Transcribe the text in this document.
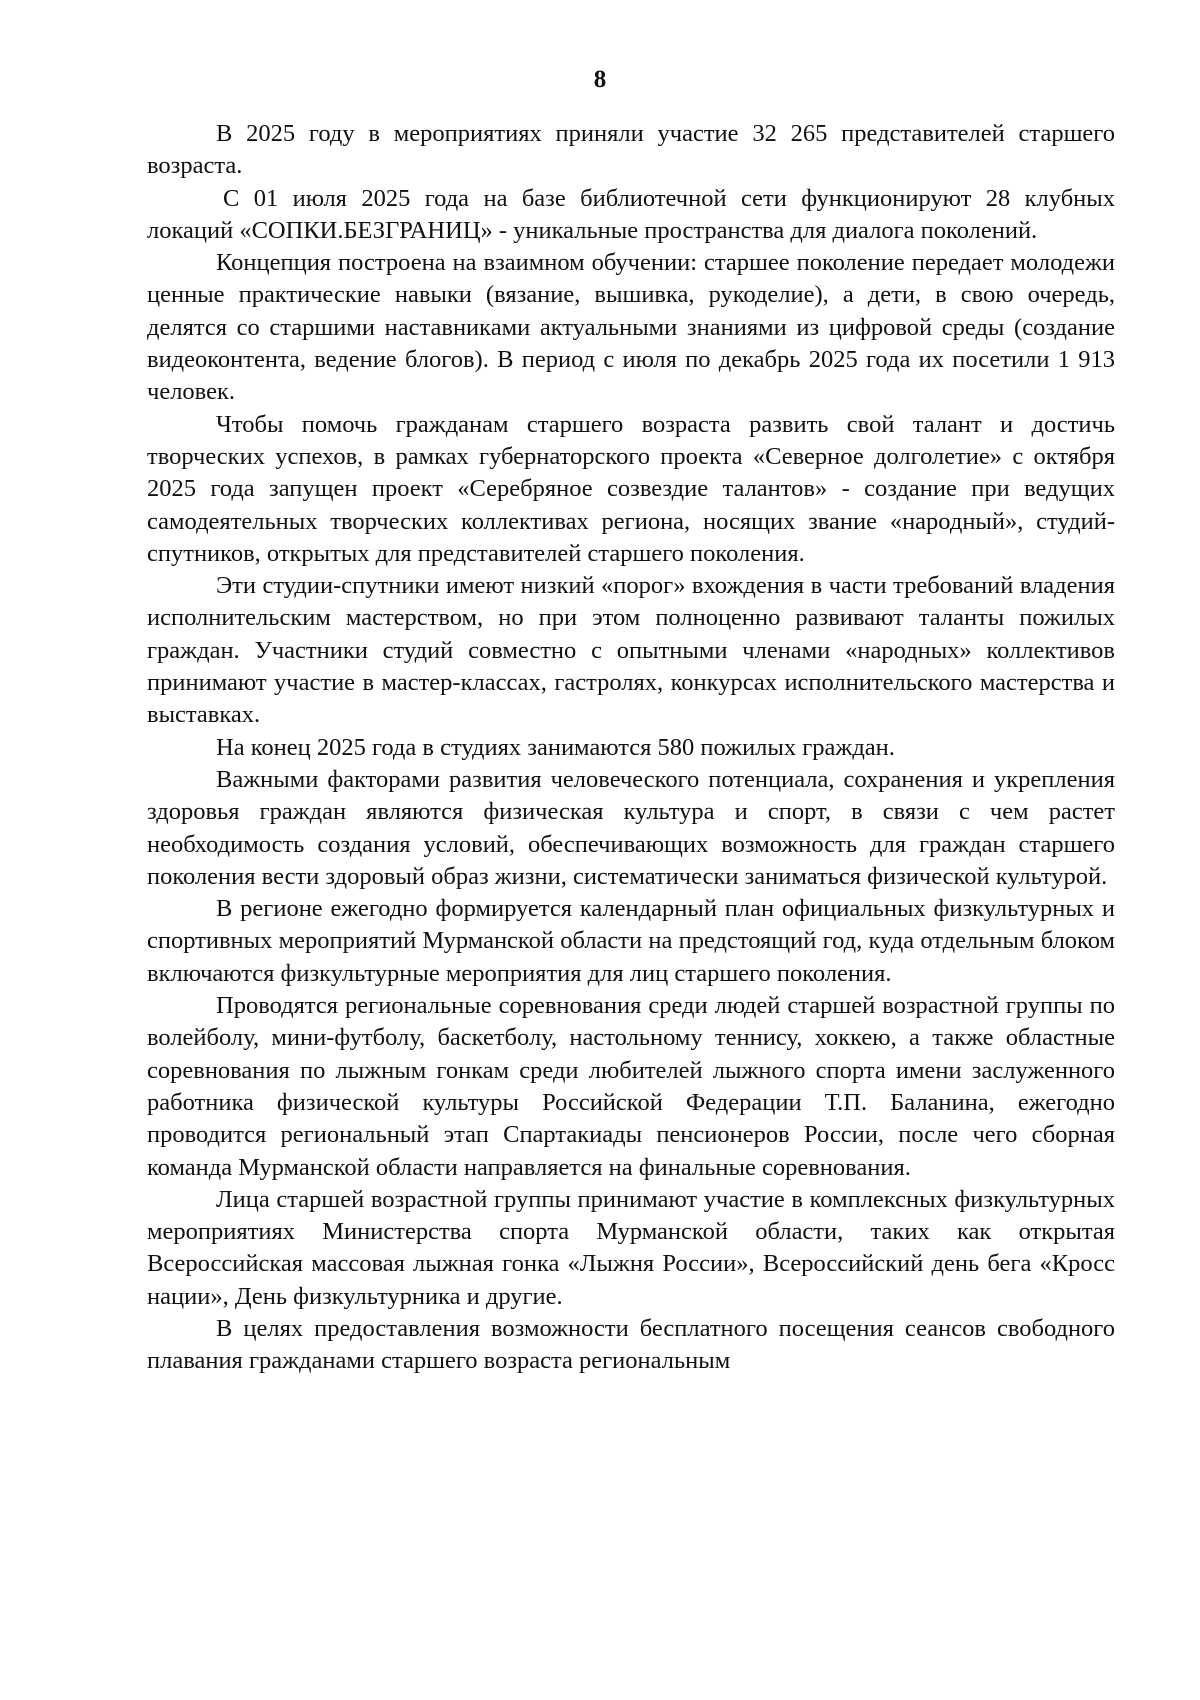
8

В 2025 году в мероприятиях приняли участие 32 265 представителей старшего возраста.

С 01 июля 2025 года на базе библиотечной сети функционируют 28 клубных локаций «СОПКИ.БЕЗГРАНИЦ» - уникальные пространства для диалога поколений.

Концепция построена на взаимном обучении: старшее поколение передает молодежи ценные практические навыки (вязание, вышивка, рукоделие), а дети, в свою очередь, делятся со старшими наставниками актуальными знаниями из цифровой среды (создание видеоконтента, ведение блогов). В период с июля по декабрь 2025 года их посетили 1 913 человек.

Чтобы помочь гражданам старшего возраста развить свой талант и достичь творческих успехов, в рамках губернаторского проекта «Северное долголетие» с октября 2025 года запущен проект «Серебряное созвездие талантов» - создание при ведущих самодеятельных творческих коллективах региона, носящих звание «народный», студий-спутников, открытых для представителей старшего поколения.

Эти студии-спутники имеют низкий «порог» вхождения в части требований владения исполнительским мастерством, но при этом полноценно развивают таланты пожилых граждан. Участники студий совместно с опытными членами «народных» коллективов принимают участие в мастер-классах, гастролях, конкурсах исполнительского мастерства и выставках.

На конец 2025 года в студиях занимаются 580 пожилых граждан.

Важными факторами развития человеческого потенциала, сохранения и укрепления здоровья граждан являются физическая культура и спорт, в связи с чем растет необходимость создания условий, обеспечивающих возможность для граждан старшего поколения вести здоровый образ жизни, систематически заниматься физической культурой.

В регионе ежегодно формируется календарный план официальных физкультурных и спортивных мероприятий Мурманской области на предстоящий год, куда отдельным блоком включаются физкультурные мероприятия для лиц старшего поколения.

Проводятся региональные соревнования среди людей старшей возрастной группы по волейболу, мини-футболу, баскетболу, настольному теннису, хоккею, а также областные соревнования по лыжным гонкам среди любителей лыжного спорта имени заслуженного работника физической культуры Российской Федерации Т.П. Баланина, ежегодно проводится региональный этап Спартакиады пенсионеров России, после чего сборная команда Мурманской области направляется на финальные соревнования.

Лица старшей возрастной группы принимают участие в комплексных физкультурных мероприятиях Министерства спорта Мурманской области, таких как открытая Всероссийская массовая лыжная гонка «Лыжня России», Всероссийский день бега «Кросс нации», День физкультурника и другие.

В целях предоставления возможности бесплатного посещения сеансов свободного плавания гражданами старшего возраста региональным
